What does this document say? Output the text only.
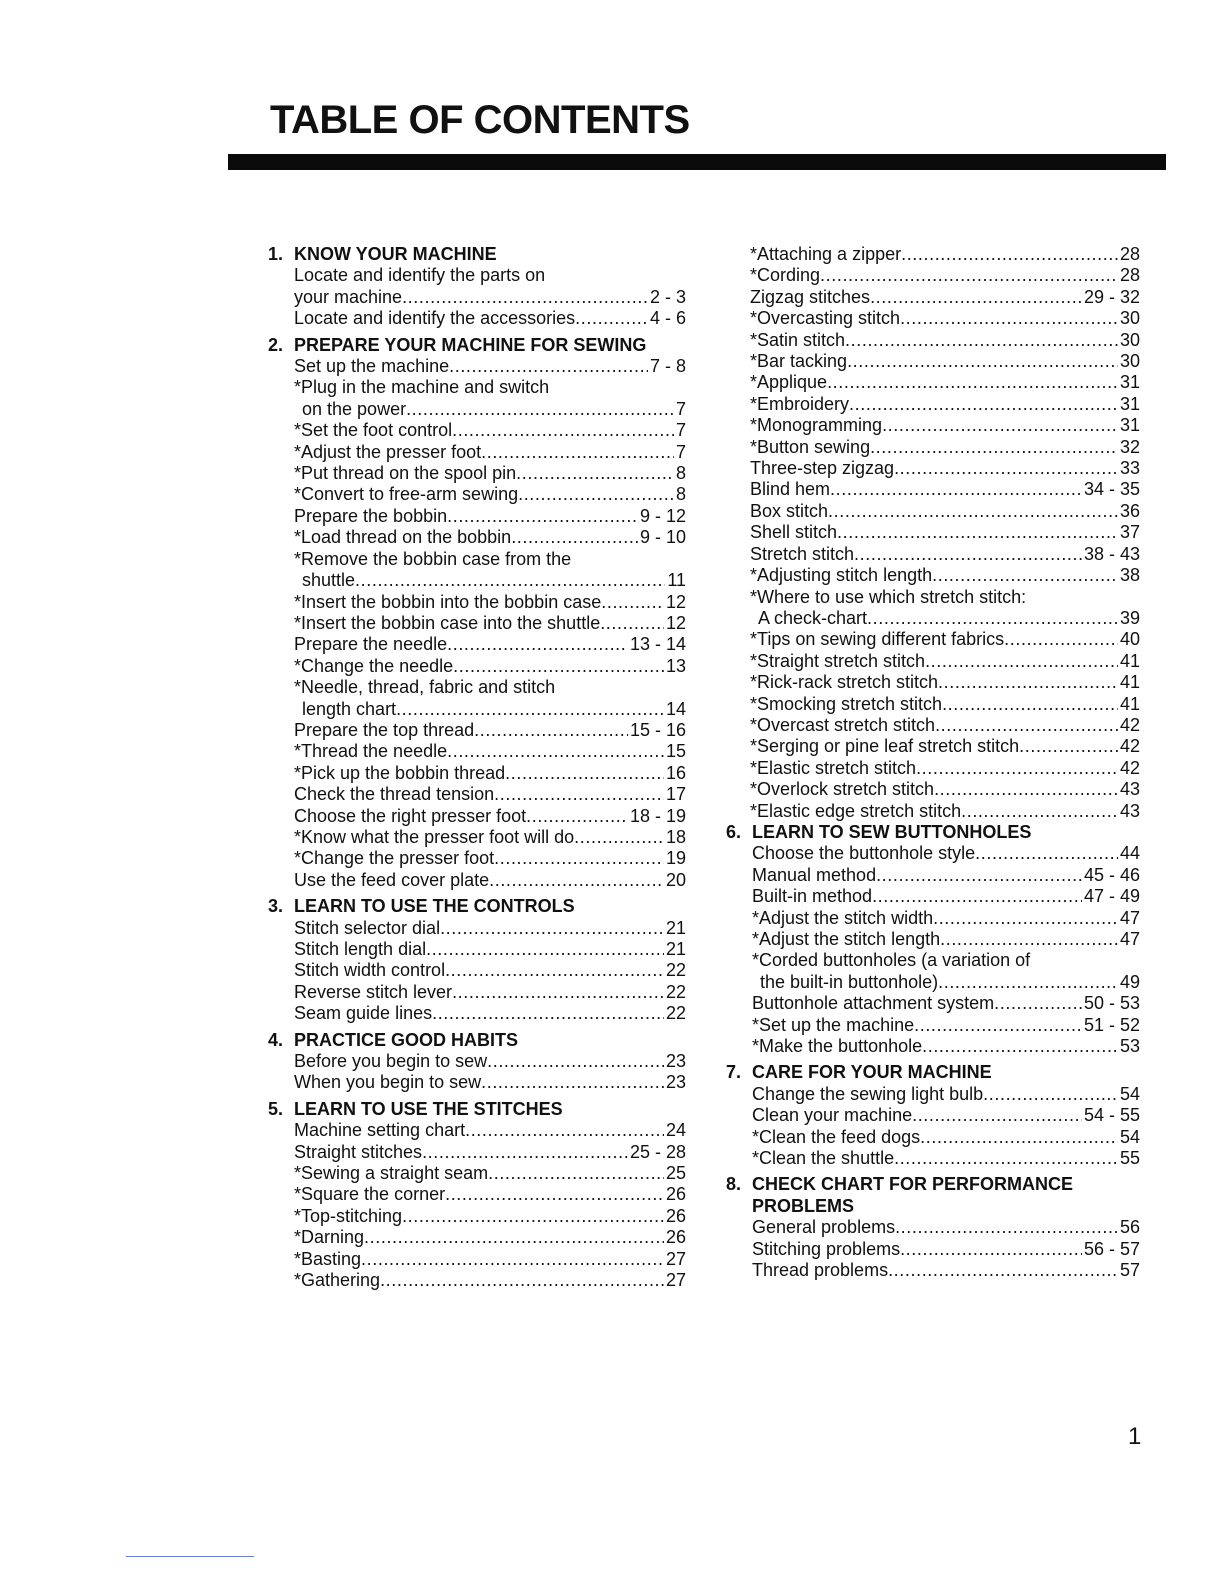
TABLE OF CONTENTS
1. KNOW YOUR MACHINE
Locate and identify the parts on
your machine . . .	2 - 3
Locate and identify the accessories . . .	4 - 6
2. PREPARE YOUR MACHINE FOR SEWING
Set up the machine . . .	7 - 8
*Plug in the machine and switch
on the power . . .	7
*Set the foot control . . .	7
*Adjust the presser foot . . .	7
*Put thread on the spool pin . . .	8
*Convert to free-arm sewing . . .	8
Prepare the bobbin . . .	9 - 12
*Load thread on the bobbin . . .	9 - 10
*Remove the bobbin case from the
shuttle . . .	11
*Insert the bobbin into the bobbin case . . .	12
*Insert the bobbin case into the shuttle . . .	12
Prepare the needle . . .	13 - 14
*Change the needle . . .	13
*Needle, thread, fabric and stitch
length chart . . .	14
Prepare the top thread . . .	15 - 16
*Thread the needle . . .	15
*Pick up the bobbin thread . . .	16
Check the thread tension . . .	17
Choose the right presser foot . . .	18 - 19
*Know what the presser foot will do . . .	18
*Change the presser foot . . .	19
Use the feed cover plate . . .	20
3. LEARN TO USE THE CONTROLS
Stitch selector dial . . .	21
Stitch length dial . . .	21
Stitch width control . . .	22
Reverse stitch lever . . .	22
Seam guide lines . . .	22
4. PRACTICE GOOD HABITS
Before you begin to sew . . .	23
When you begin to sew . . .	23
5. LEARN TO USE THE STITCHES
Machine setting chart . . .	24
Straight stitches . . .	25 - 28
*Sewing a straight seam . . .	25
*Square the corner . . .	26
*Top-stitching . . .	26
*Darning . . .	26
*Basting . . .	27
*Gathering . . .	27
*Attaching a zipper . . .	28
*Cording . . .	28
Zigzag stitches . . .	29 - 32
*Overcasting stitch . . .	30
*Satin stitch . . .	30
*Bar tacking . . .	30
*Applique . . .	31
*Embroidery . . .	31
*Monogramming . . .	31
*Button sewing . . .	32
Three-step zigzag . . .	33
Blind hem . . .	34 - 35
Box stitch . . .	36
Shell stitch . . .	37
Stretch stitch . . .	38 - 43
*Adjusting stitch length . . .	38
*Where to use which stretch stitch:
A check-chart . . .	39
*Tips on sewing different fabrics . . .	40
*Straight stretch stitch . . .	41
*Rick-rack stretch stitch . . .	41
*Smocking stretch stitch . . .	41
*Overcast stretch stitch . . .	42
*Serging or pine leaf stretch stitch . . .	42
*Elastic stretch stitch . . .	42
*Overlock stretch stitch . . .	43
*Elastic edge stretch stitch . . .	43
6. LEARN TO SEW BUTTONHOLES
Choose the buttonhole style . . .	44
Manual method . . .	45 - 46
Built-in method . . .	47 - 49
*Adjust the stitch width . . .	47
*Adjust the stitch length . . .	47
*Corded buttonholes (a variation of
the built-in buttonhole) . . .	49
Buttonhole attachment system . . .	50 - 53
*Set up the machine . . .	51 - 52
*Make the buttonhole . . .	53
7. CARE FOR YOUR MACHINE
Change the sewing light bulb . . .	54
Clean your machine . . .	54 - 55
*Clean the feed dogs . . .	54
*Clean the shuttle . . .	55
8. CHECK CHART FOR PERFORMANCE PROBLEMS
General problems . . .	56
Stitching problems . . .	56 - 57
Thread problems . . .	57
1
